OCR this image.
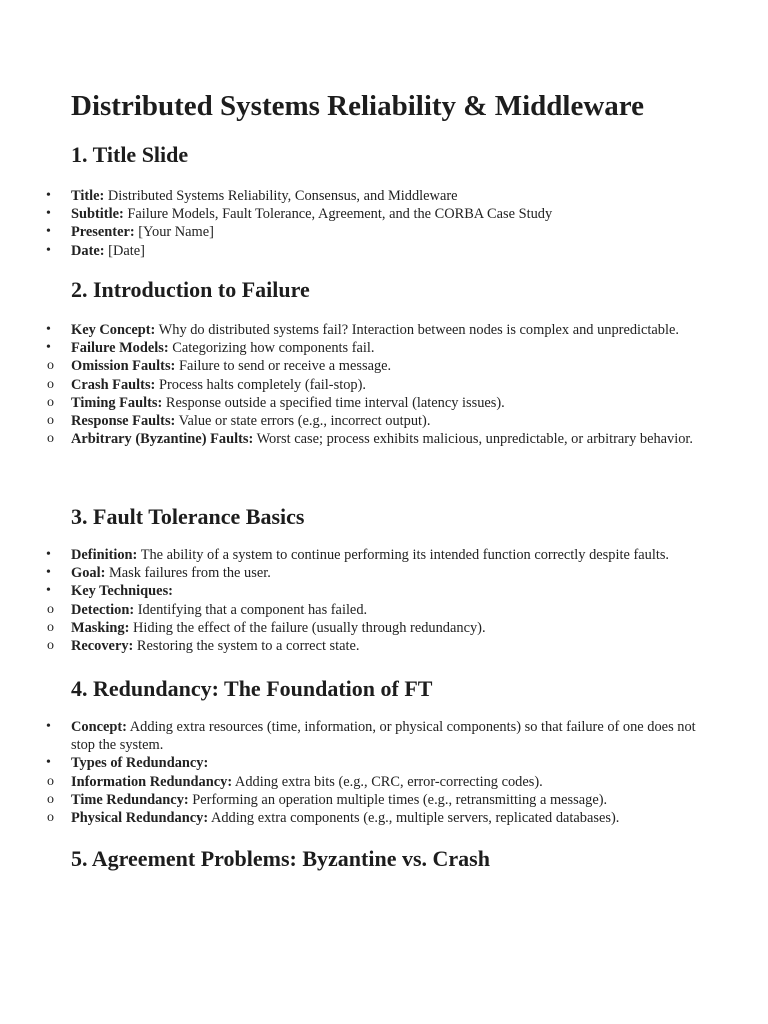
Distributed Systems Reliability & Middleware
1. Title Slide
•	Title: Distributed Systems Reliability, Consensus, and Middleware
•	Subtitle: Failure Models, Fault Tolerance, Agreement, and the CORBA Case Study
•	Presenter: [Your Name]
•	Date: [Date]
2. Introduction to Failure
•	Key Concept: Why do distributed systems fail? Interaction between nodes is complex and unpredictable.
•	Failure Models: Categorizing how components fail.
o	Omission Faults: Failure to send or receive a message.
o	Crash Faults: Process halts completely (fail-stop).
o	Timing Faults: Response outside a specified time interval (latency issues).
o	Response Faults: Value or state errors (e.g., incorrect output).
o	Arbitrary (Byzantine) Faults: Worst case; process exhibits malicious, unpredictable, or arbitrary behavior.
3. Fault Tolerance Basics
•	Definition: The ability of a system to continue performing its intended function correctly despite faults.
•	Goal: Mask failures from the user.
•	Key Techniques:
o	Detection: Identifying that a component has failed.
o	Masking: Hiding the effect of the failure (usually through redundancy).
o	Recovery: Restoring the system to a correct state.
4. Redundancy: The Foundation of FT
•	Concept: Adding extra resources (time, information, or physical components) so that failure of one does not stop the system.
•	Types of Redundancy:
o	Information Redundancy: Adding extra bits (e.g., CRC, error-correcting codes).
o	Time Redundancy: Performing an operation multiple times (e.g., retransmitting a message).
o	Physical Redundancy: Adding extra components (e.g., multiple servers, replicated databases).
5. Agreement Problems: Byzantine vs. Crash
